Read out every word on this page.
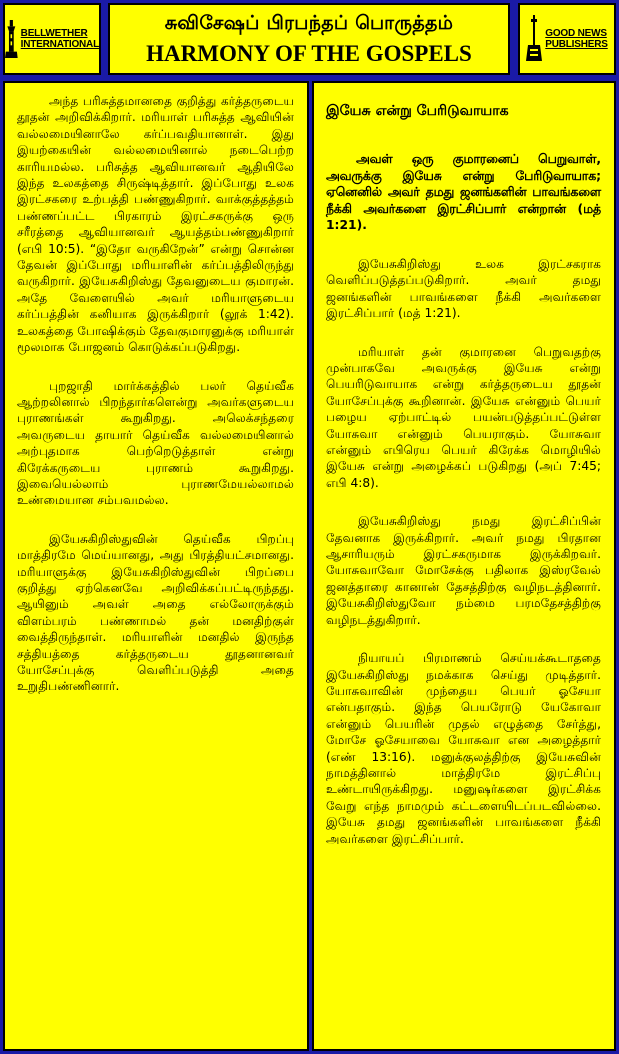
BELLWETHER
INTERNATIONAL
சுவிசேஷப் பிரபந்தப் பொருத்தம்
HARMONY OF THE GOSPELS
GOOD NEWS
PUBLISHERS

அந்த பரிசுத்தமானதை குறித்து கர்த்தருடைய தூதன் அறிவிக்கிறார். மரியாள் பரிசுத்த ஆவியின் வல்லமையினாலே கர்ப்பவதியானாள். இது இயற்கையின் வல்லமையினால் நடைபெற்ற காரியமல்ல. பரிசுத்த ஆவியானவர் ஆதியிலே இந்த உலகத்தை சிருஷ்டித்தார். இப்போது உலக இரட்சகரை உற்பத்தி பண்ணுகிறார். வாக்குத்தத்தம் பண்ணப்பட்ட பிரகாரம் இரட்சகருக்கு ஒரு சரீரத்தை ஆவியானவர் ஆயத்தம்பண்ணுகிறார் (எபி 10:5). “இதோ வருகிறேன்” என்று சொன்ன தேவன் இப்போது மரியாளின் கர்ப்பத்திலிருந்து வருகிறார். இயேசுகிறிஸ்து தேவனுடைய குமாரன். அதே வேளையில் அவர் மரியாளுடைய கர்ப்பத்தின் கனியாக இருக்கிறார் (லூக் 1:42). உலகத்தை போஷிக்கும் தேவகுமாரனுக்கு மரியாள் மூலமாக போஜனம் கொடுக்கப்படுகிறது.

புறஜாதி மார்க்கத்தில் பலர் தெய்வீக ஆற்றலினால் பிறந்தார்களென்று அவர்களுடைய புராணங்கள் கூறுகிறது. அலெக்சந்தரை அவருடைய தாயார் தெய்வீக வல்லமையினால் அற்புதமாக பெற்றெடுத்தாள் என்று கிரேக்கருடைய புராணம் கூறுகிறது. இவையெல்லாம் புராணமேயல்லாமல் உண்மையான சம்பவமல்ல.

இயேசுகிறிஸ்துவின் தெய்வீக பிறப்பு மாத்திரமே மெய்யானது, அது பிரத்தியட்சமானது. மரியாளுக்கு இயேசுகிறிஸ்துவின் பிறப்பை குறித்து ஏற்கெனவே அறிவிக்கப்பட்டிருந்தது. ஆயினும் அவள் அதை எல்லோருக்கும் விளம்பரம் பண்ணாமல் தன் மனதிற்குள் வைத்திருந்தாள். மரியாளின் மனதில் இருந்த சத்தியத்தை கர்த்தருடைய தூதனானவர் யோசேப்புக்கு வெளிப்படுத்தி அதை உறுதிபண்ணினார்.

இயேசு என்று பேரிடுவாயாக

அவள் ஒரு குமாரனைப் பெறுவாள், அவருக்கு இயேசு என்று பேரிடுவாயாக; ஏனெனில் அவர் தமது ஜனங்களின் பாவங்களை நீக்கி அவர்களை இரட்சிப்பார் என்றான் (மத் 1:21).

இயேசுகிறிஸ்து உலக இரட்சகராக வெளிப்படுத்தப்படுகிறார். அவர் தமது ஜனங்களின் பாவங்களை நீக்கி அவர்களை இரட்சிப்பார் (மத் 1:21).

மரியாள் தன் குமாரனை பெறுவதற்கு முன்பாகவே அவருக்கு இயேசு என்று பெயரிடுவாயாக என்று கர்த்தருடைய தூதன் யோசேப்புக்கு கூறினான். இயேசு என்னும் பெயர் பழைய ஏற்பாட்டில் பயன்படுத்தப்பட்டுள்ள யோசுவா என்னும் பெயராகும். யோசுவா என்னும் எபிரெய பெயர் கிரேக்க மொழியில் இயேசு என்று அழைக்கப் படுகிறது (அப் 7:45; எபி 4:8).

இயேசுகிறிஸ்து நமது இரட்சிப்பின் தேவனாக இருக்கிறார். அவர் நமது பிரதான ஆசாரியரும் இரட்சகருமாக இருக்கிறவர். யோசுவாவோ மோசேக்கு பதிலாக இஸ்ரவேல் ஜனத்தாரை கானான் தேசத்திற்கு வழிநடத்தினார். இயேசுகிறிஸ்துவோ நம்மை பரமதேசத்திற்கு வழிநடத்துகிறார்.

நியாயப் பிரமாணம் செய்யக்கூடாததை இயேசுகிறிஸ்து நமக்காக செய்து முடித்தார். யோசுவாவின் முந்தைய பெயர் ஓசேயா என்பதாகும். இந்த பெயரோடு யேகோவா என்னும் பெயரின் முதல் எழுத்தை சேர்த்து, மோசே ஓசேயாவை யோசுவா என அழைத்தார் (எண் 13:16). மனுக்குலத்திற்கு இயேசுவின் நாமத்தினால் மாத்திரமே இரட்சிப்பு உண்டாயிருக்கிறது. மனுஷர்களை இரட்சிக்க வேறு எந்த நாமமும் கட்டளையிடப்படவில்லை. இயேசு தமது ஜனங்களின் பாவங்களை நீக்கி அவர்களை இரட்சிப்பார்.
